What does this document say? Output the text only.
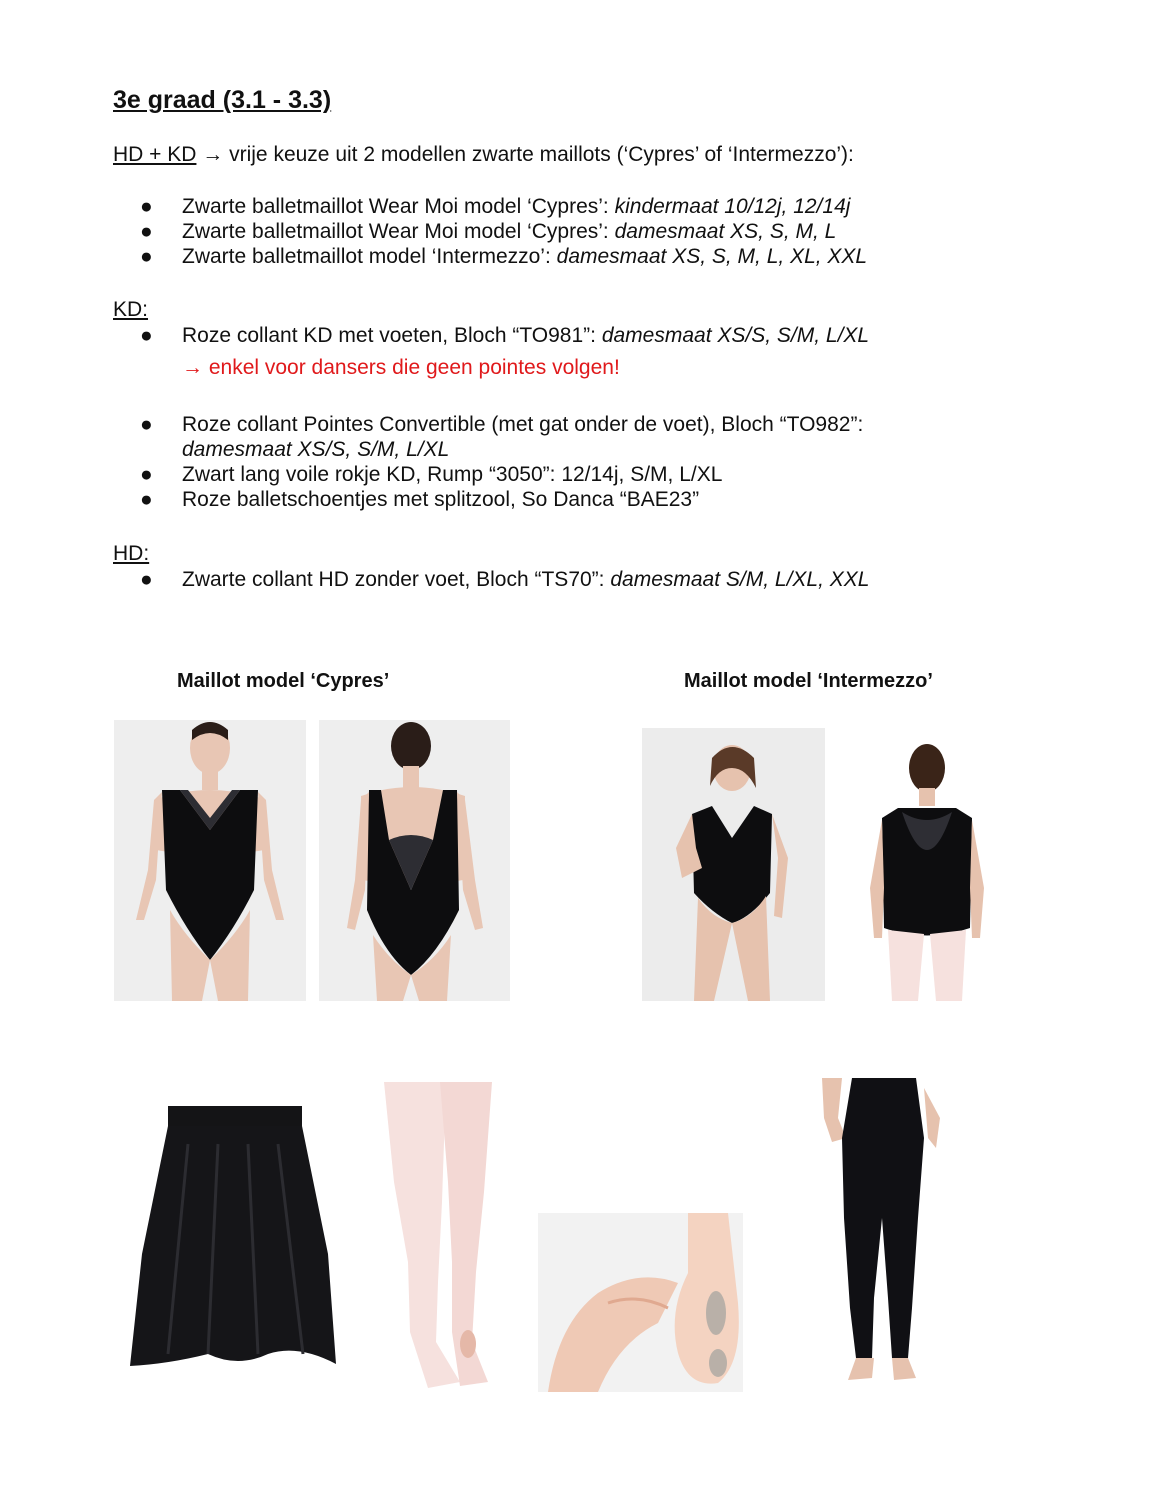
3e graad (3.1 - 3.3)
HD + KD → vrije keuze uit 2 modellen zwarte maillots (‘Cypres’ of ‘Intermezzo’):
● Zwarte balletmaillot Wear Moi model ‘Cypres’: kindermaat 10/12j, 12/14j
● Zwarte balletmaillot Wear Moi model ‘Cypres’: damesmaat XS, S, M, L
● Zwarte balletmaillot model ‘Intermezzo’: damesmaat XS, S, M, L, XL, XXL
KD:
● Roze collant KD met voeten, Bloch “TO981”: damesmaat XS/S, S/M, L/XL
→ enkel voor dansers die geen pointes volgen!
● Roze collant Pointes Convertible (met gat onder de voet), Bloch “TO982”:
damesmaat XS/S, S/M, L/XL
● Zwart lang voile rokje KD, Rump “3050”: 12/14j, S/M, L/XL
● Roze balletschoentjes met splitzool, So Danca “BAE23”
HD:
● Zwarte collant HD zonder voet, Bloch “TS70”: damesmaat S/M, L/XL, XXL
Maillot model ‘Cypres’	Maillot model ‘Intermezzo’
